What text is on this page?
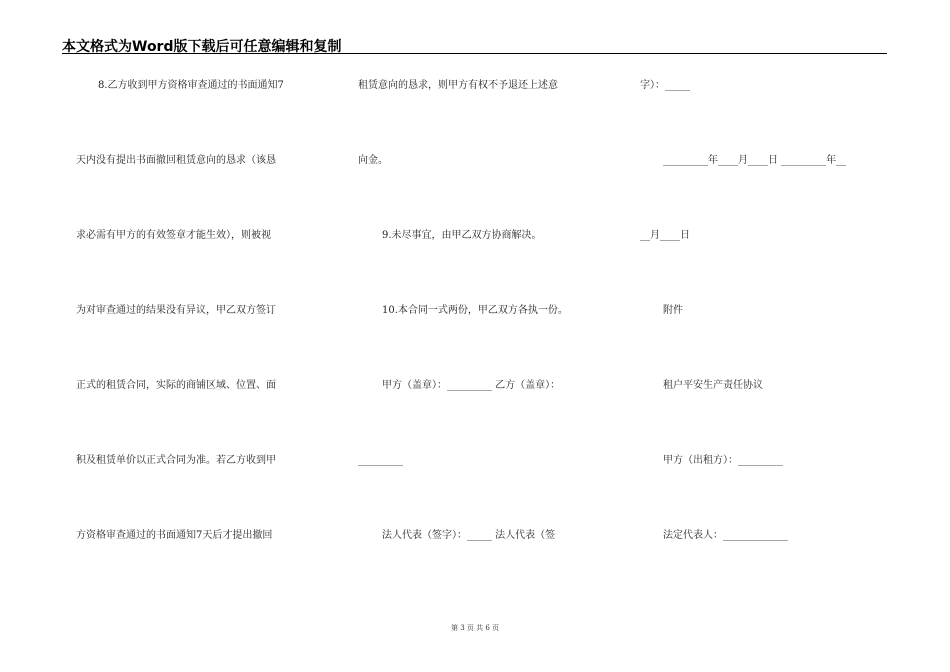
本文格式为Word版下载后可任意编辑和复制
8.乙方收到甲方资格审查通过的书面通知7
天内没有提出书面撤回租赁意向的恳求（该恳
求必需有甲方的有效签章才能生效），则被视
为对审查通过的结果没有异议，甲乙双方签订
正式的租赁合同，实际的商铺区域、位置、面
积及租赁单价以正式合同为准。若乙方收到甲
方资格审查通过的书面通知7天后才提出撤回
租赁意向的恳求，则甲方有权不予退还上述意
向金。
9.未尽事宜，由甲乙双方协商解决。
10.本合同一式两份，甲乙双方各执一份。
甲方（盖章）：_________ 乙方（盖章）：
_________
法人代表（签字）：_____ 法人代表（签
字）：_____
_________年____月____日 _________年__
__月____日
附件
租户平安生产责任协议
甲方（出租方）：_________
法定代表人：_____________
第 3 页 共 6 页
